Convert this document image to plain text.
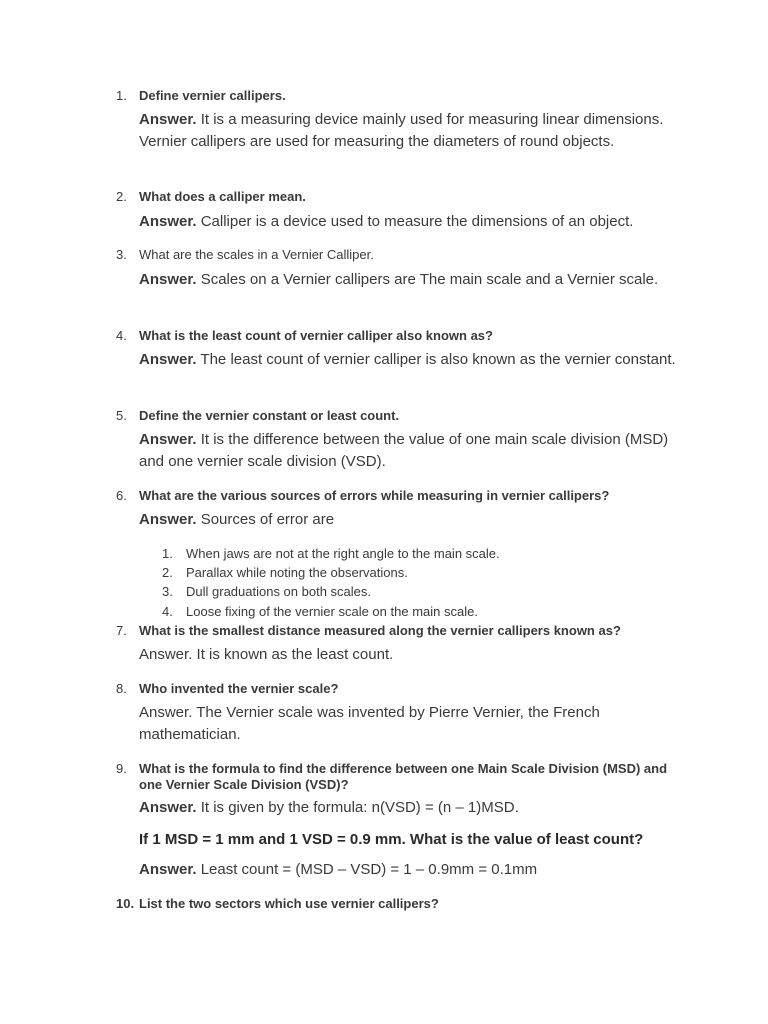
1. Define vernier callipers.
Answer. It is a measuring device mainly used for measuring linear dimensions. Vernier callipers are used for measuring the diameters of round objects.
2. What does a calliper mean.
Answer. Calliper is a device used to measure the dimensions of an object.
3. What are the scales in a Vernier Calliper.
Answer. Scales on a Vernier callipers are The main scale and a Vernier scale.
4. What is the least count of vernier calliper also known as?
Answer. The least count of vernier calliper is also known as the vernier constant.
5. Define the vernier constant or least count.
Answer. It is the difference between the value of one main scale division (MSD) and one vernier scale division (VSD).
6. What are the various sources of errors while measuring in vernier callipers?
Answer. Sources of error are
1. When jaws are not at the right angle to the main scale.
2. Parallax while noting the observations.
3. Dull graduations on both scales.
4. Loose fixing of the vernier scale on the main scale.
7. What is the smallest distance measured along the vernier callipers known as?
Answer. It is known as the least count.
8. Who invented the vernier scale?
Answer. The Vernier scale was invented by Pierre Vernier, the French mathematician.
9. What is the formula to find the difference between one Main Scale Division (MSD) and one Vernier Scale Division (VSD)?
Answer. It is given by the formula: n(VSD) = (n – 1)MSD.
If 1 MSD = 1 mm and 1 VSD = 0.9 mm. What is the value of least count?
Answer. Least count = (MSD – VSD) = 1 – 0.9mm = 0.1mm
10. List the two sectors which use vernier callipers?
